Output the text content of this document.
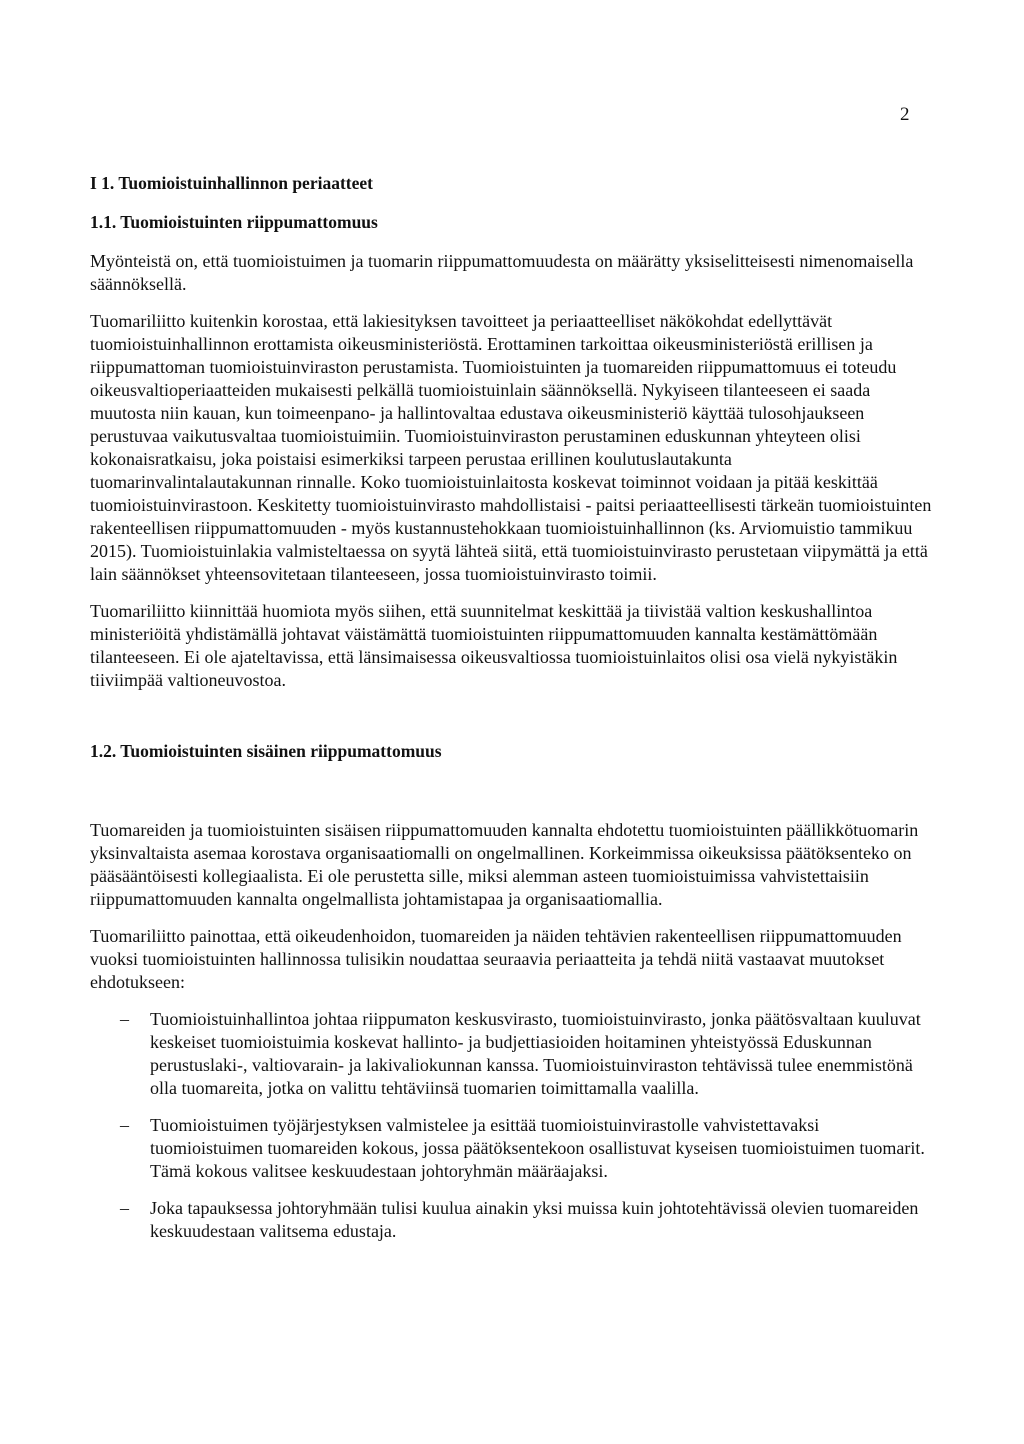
2
I 1. Tuomioistuinhallinnon periaatteet
1.1. Tuomioistuinten riippumattomuus

Myönteistä on, että tuomioistuimen ja tuomarin riippumattomuudesta on määrätty yksiselitteisesti nimenomaisella säännöksellä.

Tuomariliitto kuitenkin korostaa, että lakiesityksen tavoitteet ja periaatteelliset näkökohdat edellyttävät tuomioistuinhallinnon erottamista oikeusministeriöstä. Erottaminen tarkoittaa oikeusministeriöstä erillisen ja riippumattoman tuomioistuinviraston perustamista. Tuomioistuinten ja tuomareiden riippumattomuus ei toteudu oikeusvaltioperiaatteiden mukaisesti pelkällä tuomioistuinlain säännöksellä. Nykyiseen tilanteeseen ei saada muutosta niin kauan, kun toimeenpano- ja hallintovaltaa edustava oikeusministeriö käyttää tulosohjaukseen perustuvaa vaikutusvaltaa tuomioistuimiin. Tuomioistuinviraston perustaminen eduskunnan yhteyteen olisi kokonaisratkaisu, joka poistaisi esimerkiksi tarpeen perustaa erillinen koulutuslautakunta tuomarinvalintalautakunnan rinnalle. Koko tuomioistuinlaitosta koskevat toiminnot voidaan ja pitää keskittää tuomioistuinvirastoon. Keskitetty tuomioistuinvirasto mahdollistaisi - paitsi periaatteellisesti tärkeän tuomioistuinten rakenteellisen riippumattomuuden - myös kustannustehokkaan tuomioistuinhallinnon (ks. Arviomuistio tammikuu 2015). Tuomioistuinlakia valmisteltaessa on syytä lähteä siitä, että tuomioistuinvirasto perustetaan viipymättä ja että lain säännökset yhteensovitetaan tilanteeseen, jossa tuomioistuinvirasto toimii.

Tuomariliitto kiinnittää huomiota myös siihen, että suunnitelmat keskittää ja tiivistää valtion keskushallintoa ministeriöitä yhdistämällä johtavat väistämättä tuomioistuinten riippumattomuuden kannalta kestämättömään tilanteeseen. Ei ole ajateltavissa, että länsimaisessa oikeusvaltiossa tuomioistuinlaitos olisi osa vielä nykyistäkin tiiviimpää valtioneuvostoa.

1.2. Tuomioistuinten sisäinen riippumattomuus

Tuomareiden ja tuomioistuinten sisäisen riippumattomuuden kannalta ehdotettu tuomioistuinten päällikkötuomarin yksinvaltaista asemaa korostava organisaatiomalli on ongelmallinen. Korkeimmissa oikeuksissa päätöksenteko on pääsääntöisesti kollegiaalista. Ei ole perustetta sille, miksi alemman asteen tuomioistuimissa vahvistettaisiin riippumattomuuden kannalta ongelmallista johtamistapaa ja organisaatiomallia.

Tuomariliitto painottaa, että oikeudenhoidon, tuomareiden ja näiden tehtävien rakenteellisen riippumattomuuden vuoksi tuomioistuinten hallinnossa tulisikin noudattaa seuraavia periaatteita ja tehdä niitä vastaavat muutokset ehdotukseen:

– Tuomioistuinhallintoa johtaa riippumaton keskusvirasto, tuomioistuinvirasto, jonka päätösvaltaan kuuluvat keskeiset tuomioistuimia koskevat hallinto- ja budjettiasioiden hoitaminen yhteistyössä Eduskunnan perustuslaki-, valtiovarain- ja lakivaliokunnan kanssa. Tuomioistuinviraston tehtävissä tulee enemmistönä olla tuomareita, jotka on valittu tehtäviinsä tuomarien toimittamalla vaalilla.
– Tuomioistuimen työjärjestyksen valmistelee ja esittää tuomioistuinvirastolle vahvistettavaksi tuomioistuimen tuomareiden kokous, jossa päätöksentekoon osallistuvat kyseisen tuomioistuimen tuomarit. Tämä kokous valitsee keskuudestaan johtoryhmän määräajaksi.
– Joka tapauksessa johtoryhmään tulisi kuulua ainakin yksi muissa kuin johtotehtävissä olevien tuomareiden keskuudestaan valitsema edustaja.
